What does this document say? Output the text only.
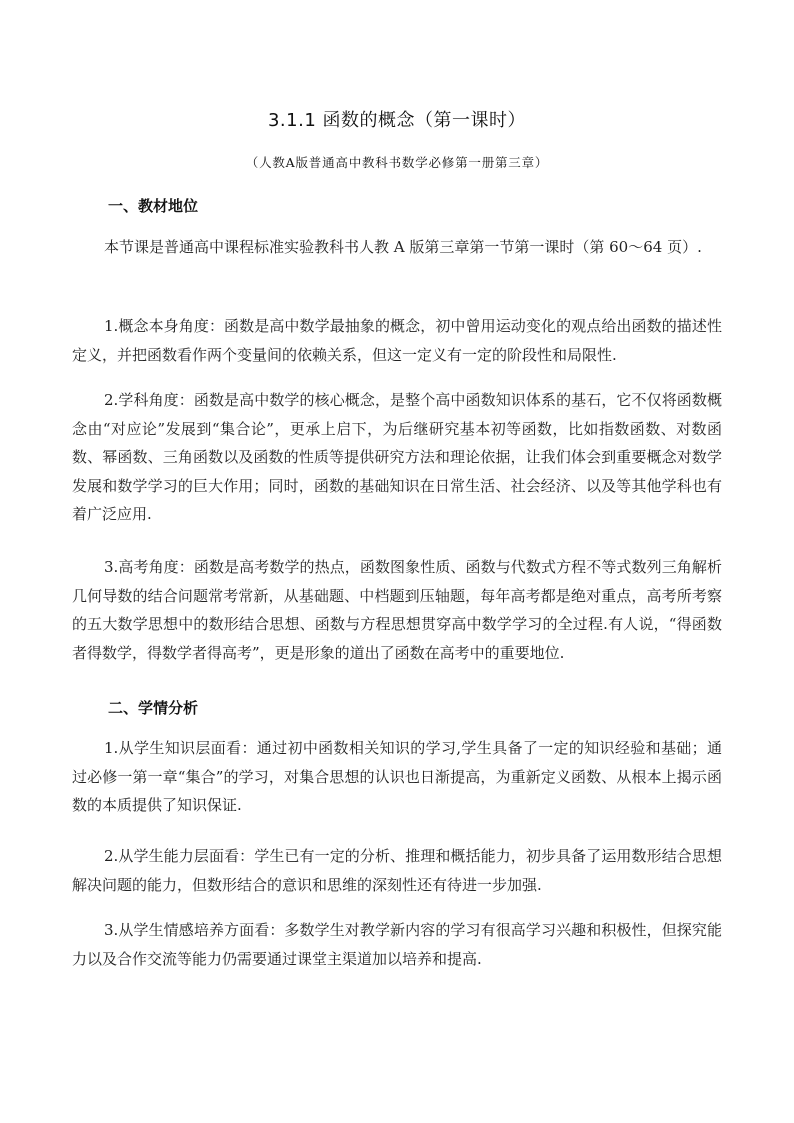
3.1.1 函数的概念（第一课时）
（人教A版普通高中教科书数学必修第一册第三章）
一、教材地位

本节课是普通高中课程标准实验教科书人教 A 版第三章第一节第一课时（第 60～64 页）.

1.概念本身角度：函数是高中数学最抽象的概念，初中曾用运动变化的观点给出函数的描述性定义，并把函数看作两个变量间的依赖关系，但这一定义有一定的阶段性和局限性.

2.学科角度：函数是高中数学的核心概念，是整个高中函数知识体系的基石，它不仅将函数概念由“对应论”发展到“集合论”，更承上启下，为后继研究基本初等函数，比如指数函数、对数函数、幂函数、三角函数以及函数的性质等提供研究方法和理论依据，让我们体会到重要概念对数学发展和数学学习的巨大作用；同时，函数的基础知识在日常生活、社会经济、以及等其他学科也有着广泛应用.

3.高考角度：函数是高考数学的热点，函数图象性质、函数与代数式方程不等式数列三角解析几何导数的结合问题常考常新，从基础题、中档题到压轴题，每年高考都是绝对重点，高考所考察的五大数学思想中的数形结合思想、函数与方程思想贯穿高中数学学习的全过程.有人说，“得函数者得数学，得数学者得高考”，更是形象的道出了函数在高考中的重要地位.

二、学情分析

1.从学生知识层面看：通过初中函数相关知识的学习,学生具备了一定的知识经验和基础；通过必修一第一章“集合”的学习，对集合思想的认识也日渐提高，为重新定义函数、从根本上揭示函数的本质提供了知识保证.

2.从学生能力层面看：学生已有一定的分析、推理和概括能力，初步具备了运用数形结合思想解决问题的能力，但数形结合的意识和思维的深刻性还有待进一步加强.

3.从学生情感培养方面看：多数学生对教学新内容的学习有很高学习兴趣和积极性，但探究能力以及合作交流等能力仍需要通过课堂主渠道加以培养和提高.
